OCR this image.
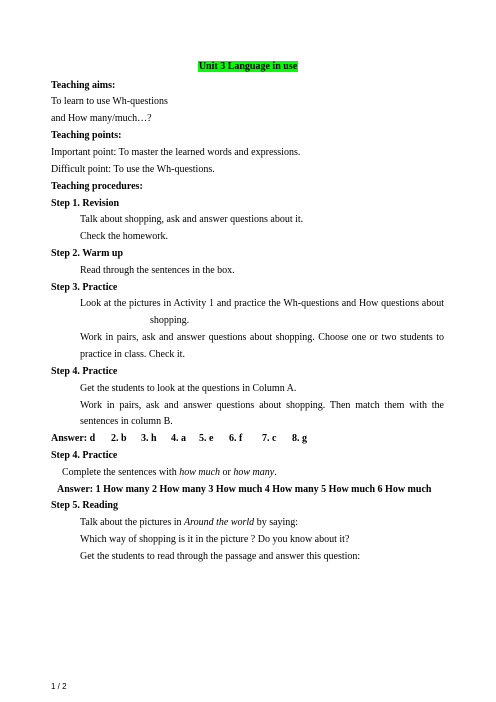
Unit 3 Language in use
Teaching aims:
To learn to use Wh-questions
and How many/much…?
Teaching points:
Important point: To master the learned words and expressions.
Difficult point: To use the Wh-questions.
Teaching procedures:
Step 1. Revision
Talk about shopping, ask and answer questions about it.
Check the homework.
Step 2. Warm up
Read through the sentences in the box.
Step 3. Practice
Look at the pictures in Activity 1 and practice the Wh-questions and How questions about
shopping.
Work in pairs, ask and answer questions about shopping. Choose one or two students to
practice in class. Check it.
Step 4. Practice
Get the students to look at the questions in Column A.
Work in pairs, ask and answer questions about shopping. Then match them with the
sentences in column B.
Answer: d 2. b 3. h 4. a 5. e 6. f 7. c 8. g
Step 4. Practice
Complete the sentences with how much or how many.
Answer: 1 How many 2 How many 3 How much 4 How many 5 How much 6 How much
Step 5. Reading
Talk about the pictures in Around the world by saying:
Which way of shopping is it in the picture ? Do you know about it?
Get the students to read through the passage and answer this question:
1 / 2
